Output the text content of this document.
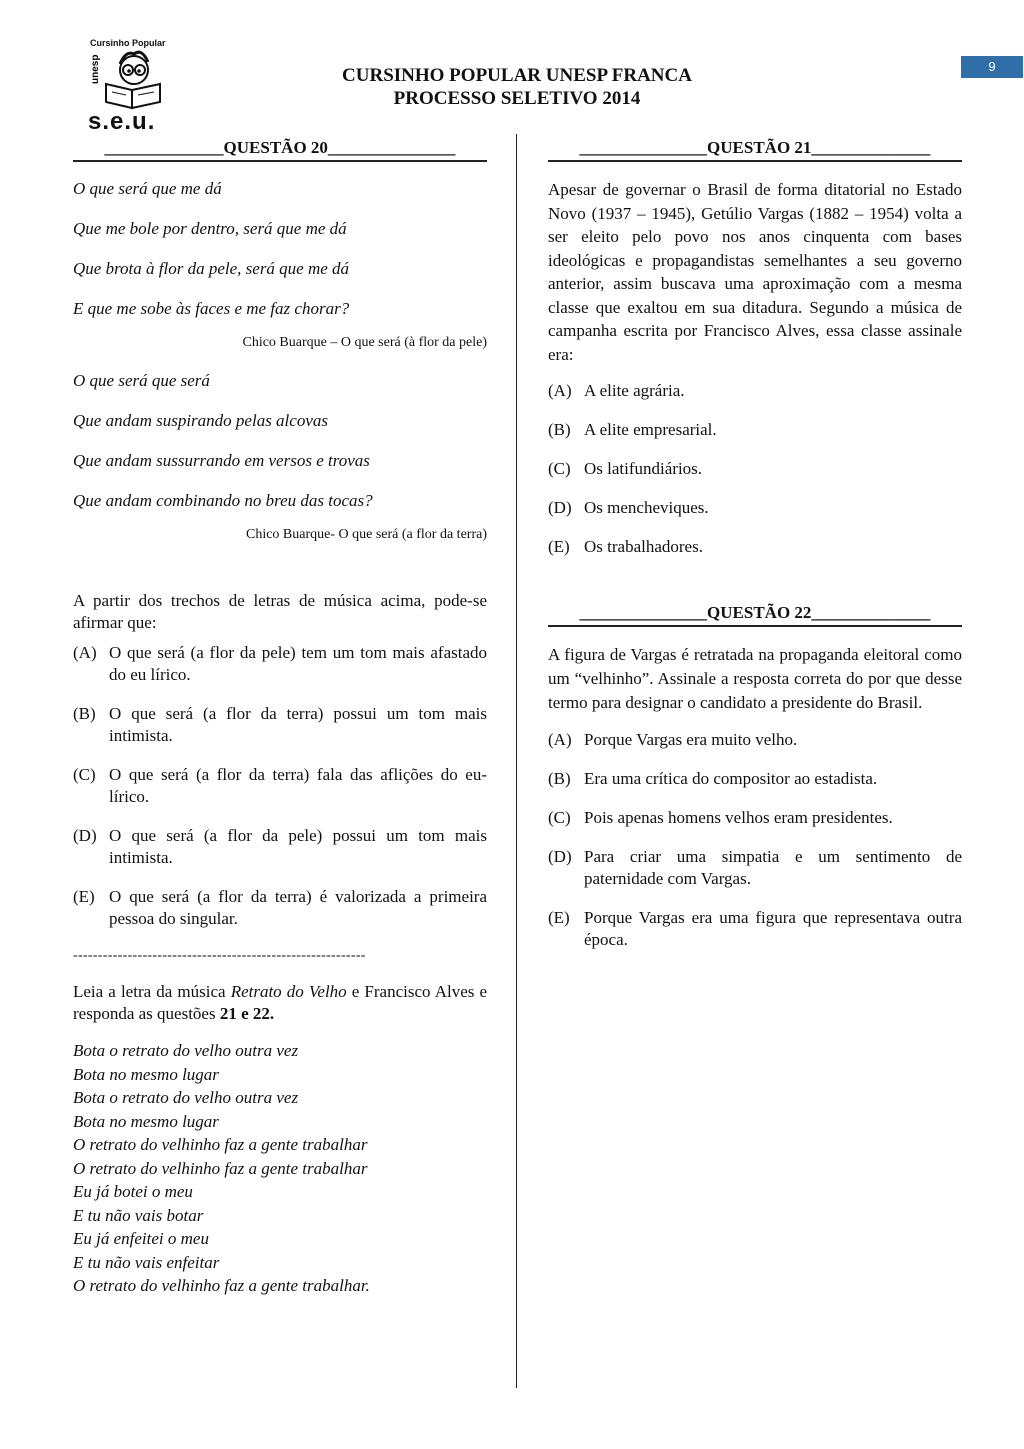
Cursinho Popular
unesp
s.e.u.
CURSINHO POPULAR UNESP FRANCA
PROCESSO SELETIVO 2014
9
______________QUESTÃO 20_______________

O que será que me dá

Que me bole por dentro, será que me dá

Que brota à flor da pele, será que me dá

E que me sobe às faces e me faz chorar?

Chico Buarque – O que será (à flor da pele)

O que será que será

Que andam suspirando pelas alcovas

Que andam sussurrando em versos e trovas

Que andam combinando no breu das tocas?

Chico Buarque- O que será (a flor da terra)

A partir dos trechos de letras de música acima, pode-se afirmar que:

(A) O que será (a flor da pele) tem um tom mais afastado do eu lírico.
(B) O que será (a flor da terra) possui um tom mais intimista.
(C) O que será (a flor da terra) fala das aflições do eu-lírico.
(D) O que será (a flor da pele) possui um tom mais intimista.
(E) O que será (a flor da terra) é valorizada a primeira pessoa do singular.
-----------------------------------------------------------

Leia a letra da música Retrato do Velho e Francisco Alves e responda as questões 21 e 22.

Bota o retrato do velho outra vez

Bota no mesmo lugar

Bota o retrato do velho outra vez

Bota no mesmo lugar

O retrato do velhinho faz a gente trabalhar

O retrato do velhinho faz a gente trabalhar

Eu já botei o meu

E tu não vais botar

Eu já enfeitei o meu

E tu não vais enfeitar

O retrato do velhinho faz a gente trabalhar.

_______________QUESTÃO 21______________

Apesar de governar o Brasil de forma ditatorial no Estado Novo (1937 – 1945), Getúlio Vargas (1882 – 1954) volta a ser eleito pelo povo nos anos cinquenta com bases ideológicas e propagandistas semelhantes a seu governo anterior, assim buscava uma aproximação com a mesma classe que exaltou em sua ditadura. Segundo a música de campanha escrita por Francisco Alves, essa classe assinale era:

(A) A elite agrária.
(B) A elite empresarial.
(C) Os latifundiários.
(D) Os mencheviques.
(E) Os trabalhadores.
_______________QUESTÃO 22______________

A figura de Vargas é retratada na propaganda eleitoral como um “velhinho”. Assinale a resposta correta do por que desse termo para designar o candidato a presidente do Brasil.

(A) Porque Vargas era muito velho.
(B) Era uma crítica do compositor ao estadista.
(C) Pois apenas homens velhos eram presidentes.
(D) Para criar uma simpatia e um sentimento de paternidade com Vargas.
(E) Porque Vargas era uma figura que representava outra época.
